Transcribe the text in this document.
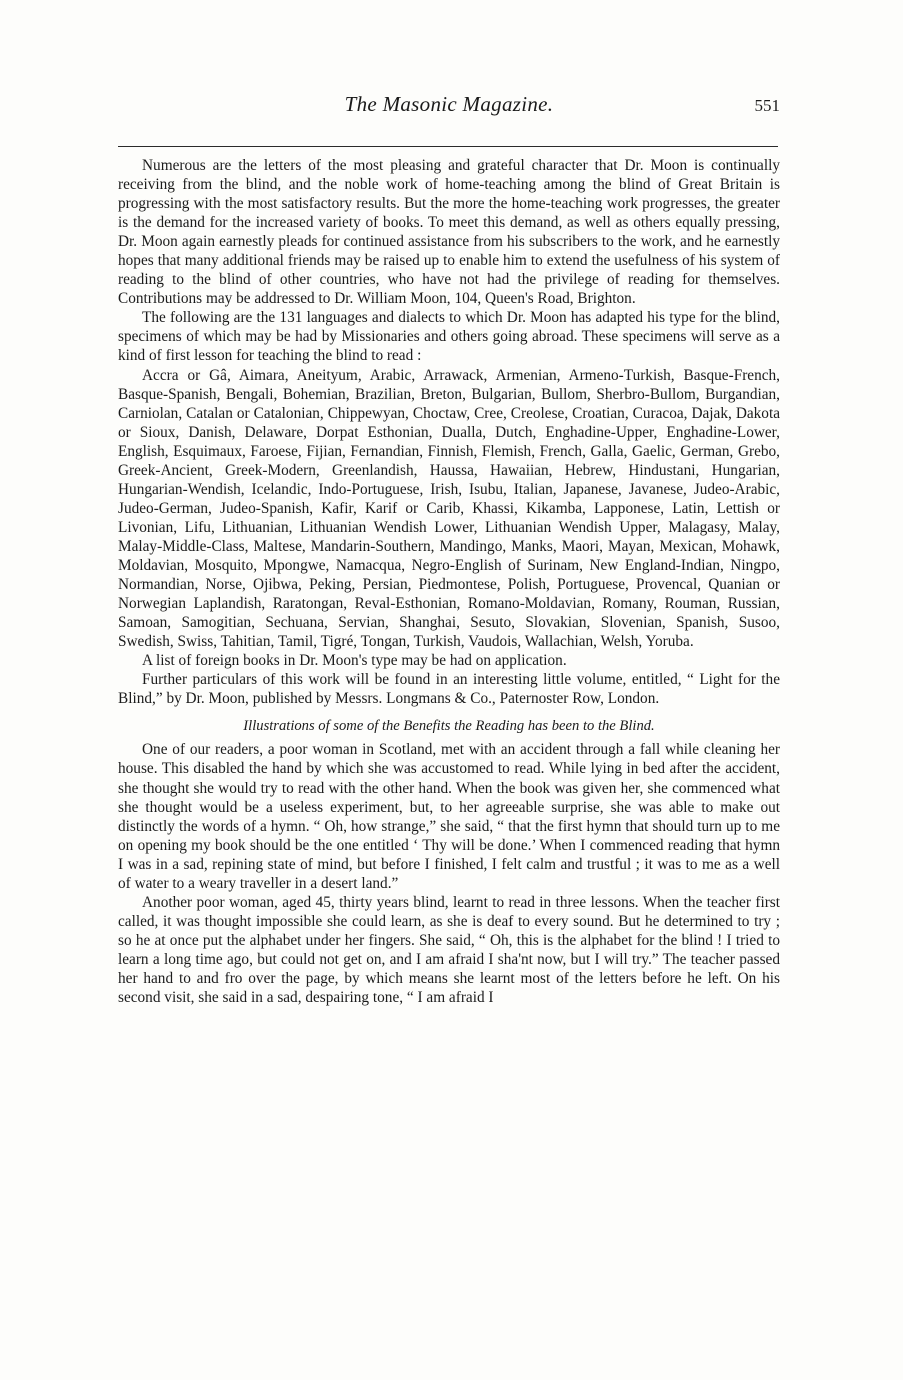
The Masonic Magazine.	551

Numerous are the letters of the most pleasing and grateful character that Dr. Moon is continually receiving from the blind, and the noble work of home-teaching among the blind of Great Britain is progressing with the most satisfactory results. But the more the home-teaching work progresses, the greater is the demand for the increased variety of books. To meet this demand, as well as others equally pressing, Dr. Moon again earnestly pleads for continued assistance from his subscribers to the work, and he earnestly hopes that many additional friends may be raised up to enable him to extend the usefulness of his system of reading to the blind of other countries, who have not had the privilege of reading for themselves. Contributions may be addressed to Dr. William Moon, 104, Queen's Road, Brighton.

The following are the 131 languages and dialects to which Dr. Moon has adapted his type for the blind, specimens of which may be had by Missionaries and others going abroad. These specimens will serve as a kind of first lesson for teaching the blind to read :

Accra or Gâ, Aimara, Aneityum, Arabic, Arrawack, Armenian, Armeno-Turkish, Basque-French, Basque-Spanish, Bengali, Bohemian, Brazilian, Breton, Bulgarian, Bullom, Sherbro-Bullom, Burgandian, Carniolan, Catalan or Catalonian, Chippewyan, Choctaw, Cree, Creolese, Croatian, Curacoa, Dajak, Dakota or Sioux, Danish, Delaware, Dorpat Esthonian, Dualla, Dutch, Enghadine-Upper, Enghadine-Lower, English, Esquimaux, Faroese, Fijian, Fernandian, Finnish, Flemish, French, Galla, Gaelic, German, Grebo, Greek-Ancient, Greek-Modern, Greenlandish, Haussa, Hawaiian, Hebrew, Hindustani, Hungarian, Hungarian-Wendish, Icelandic, Indo-Portuguese, Irish, Isubu, Italian, Japanese, Javanese, Judeo-Arabic, Judeo-German, Judeo-Spanish, Kafir, Karif or Carib, Khassi, Kikamba, Lapponese, Latin, Lettish or Livonian, Lifu, Lithuanian, Lithuanian Wendish Lower, Lithuanian Wendish Upper, Malagasy, Malay, Malay-Middle-Class, Maltese, Mandarin-Southern, Mandingo, Manks, Maori, Mayan, Mexican, Mohawk, Moldavian, Mosquito, Mpongwe, Namacqua, Negro-English of Surinam, New England-Indian, Ningpo, Normandian, Norse, Ojibwa, Peking, Persian, Piedmontese, Polish, Portuguese, Provencal, Quanian or Norwegian Laplandish, Raratongan, Reval-Esthonian, Romano-Moldavian, Romany, Rouman, Russian, Samoan, Samogitian, Sechuana, Servian, Shanghai, Sesuto, Slovakian, Slovenian, Spanish, Susoo, Swedish, Swiss, Tahitian, Tamil, Tigré, Tongan, Turkish, Vaudois, Wallachian, Welsh, Yoruba.

A list of foreign books in Dr. Moon's type may be had on application.

Further particulars of this work will be found in an interesting little volume, entitled, “ Light for the Blind,” by Dr. Moon, published by Messrs. Longmans & Co., Paternoster Row, London.

Illustrations of some of the Benefits the Reading has been to the Blind.

One of our readers, a poor woman in Scotland, met with an accident through a fall while cleaning her house. This disabled the hand by which she was accustomed to read. While lying in bed after the accident, she thought she would try to read with the other hand. When the book was given her, she commenced what she thought would be a useless experiment, but, to her agreeable surprise, she was able to make out distinctly the words of a hymn. “ Oh, how strange,” she said, “ that the first hymn that should turn up to me on opening my book should be the one entitled ‘ Thy will be done.’ When I commenced reading that hymn I was in a sad, repining state of mind, but before I finished, I felt calm and trustful ; it was to me as a well of water to a weary traveller in a desert land.”

Another poor woman, aged 45, thirty years blind, learnt to read in three lessons. When the teacher first called, it was thought impossible she could learn, as she is deaf to every sound. But he determined to try ; so he at once put the alphabet under her fingers. She said, “ Oh, this is the alphabet for the blind ! I tried to learn a long time ago, but could not get on, and I am afraid I sha'nt now, but I will try.” The teacher passed her hand to and fro over the page, by which means she learnt most of the letters before he left. On his second visit, she said in a sad, despairing tone, “ I am afraid I
